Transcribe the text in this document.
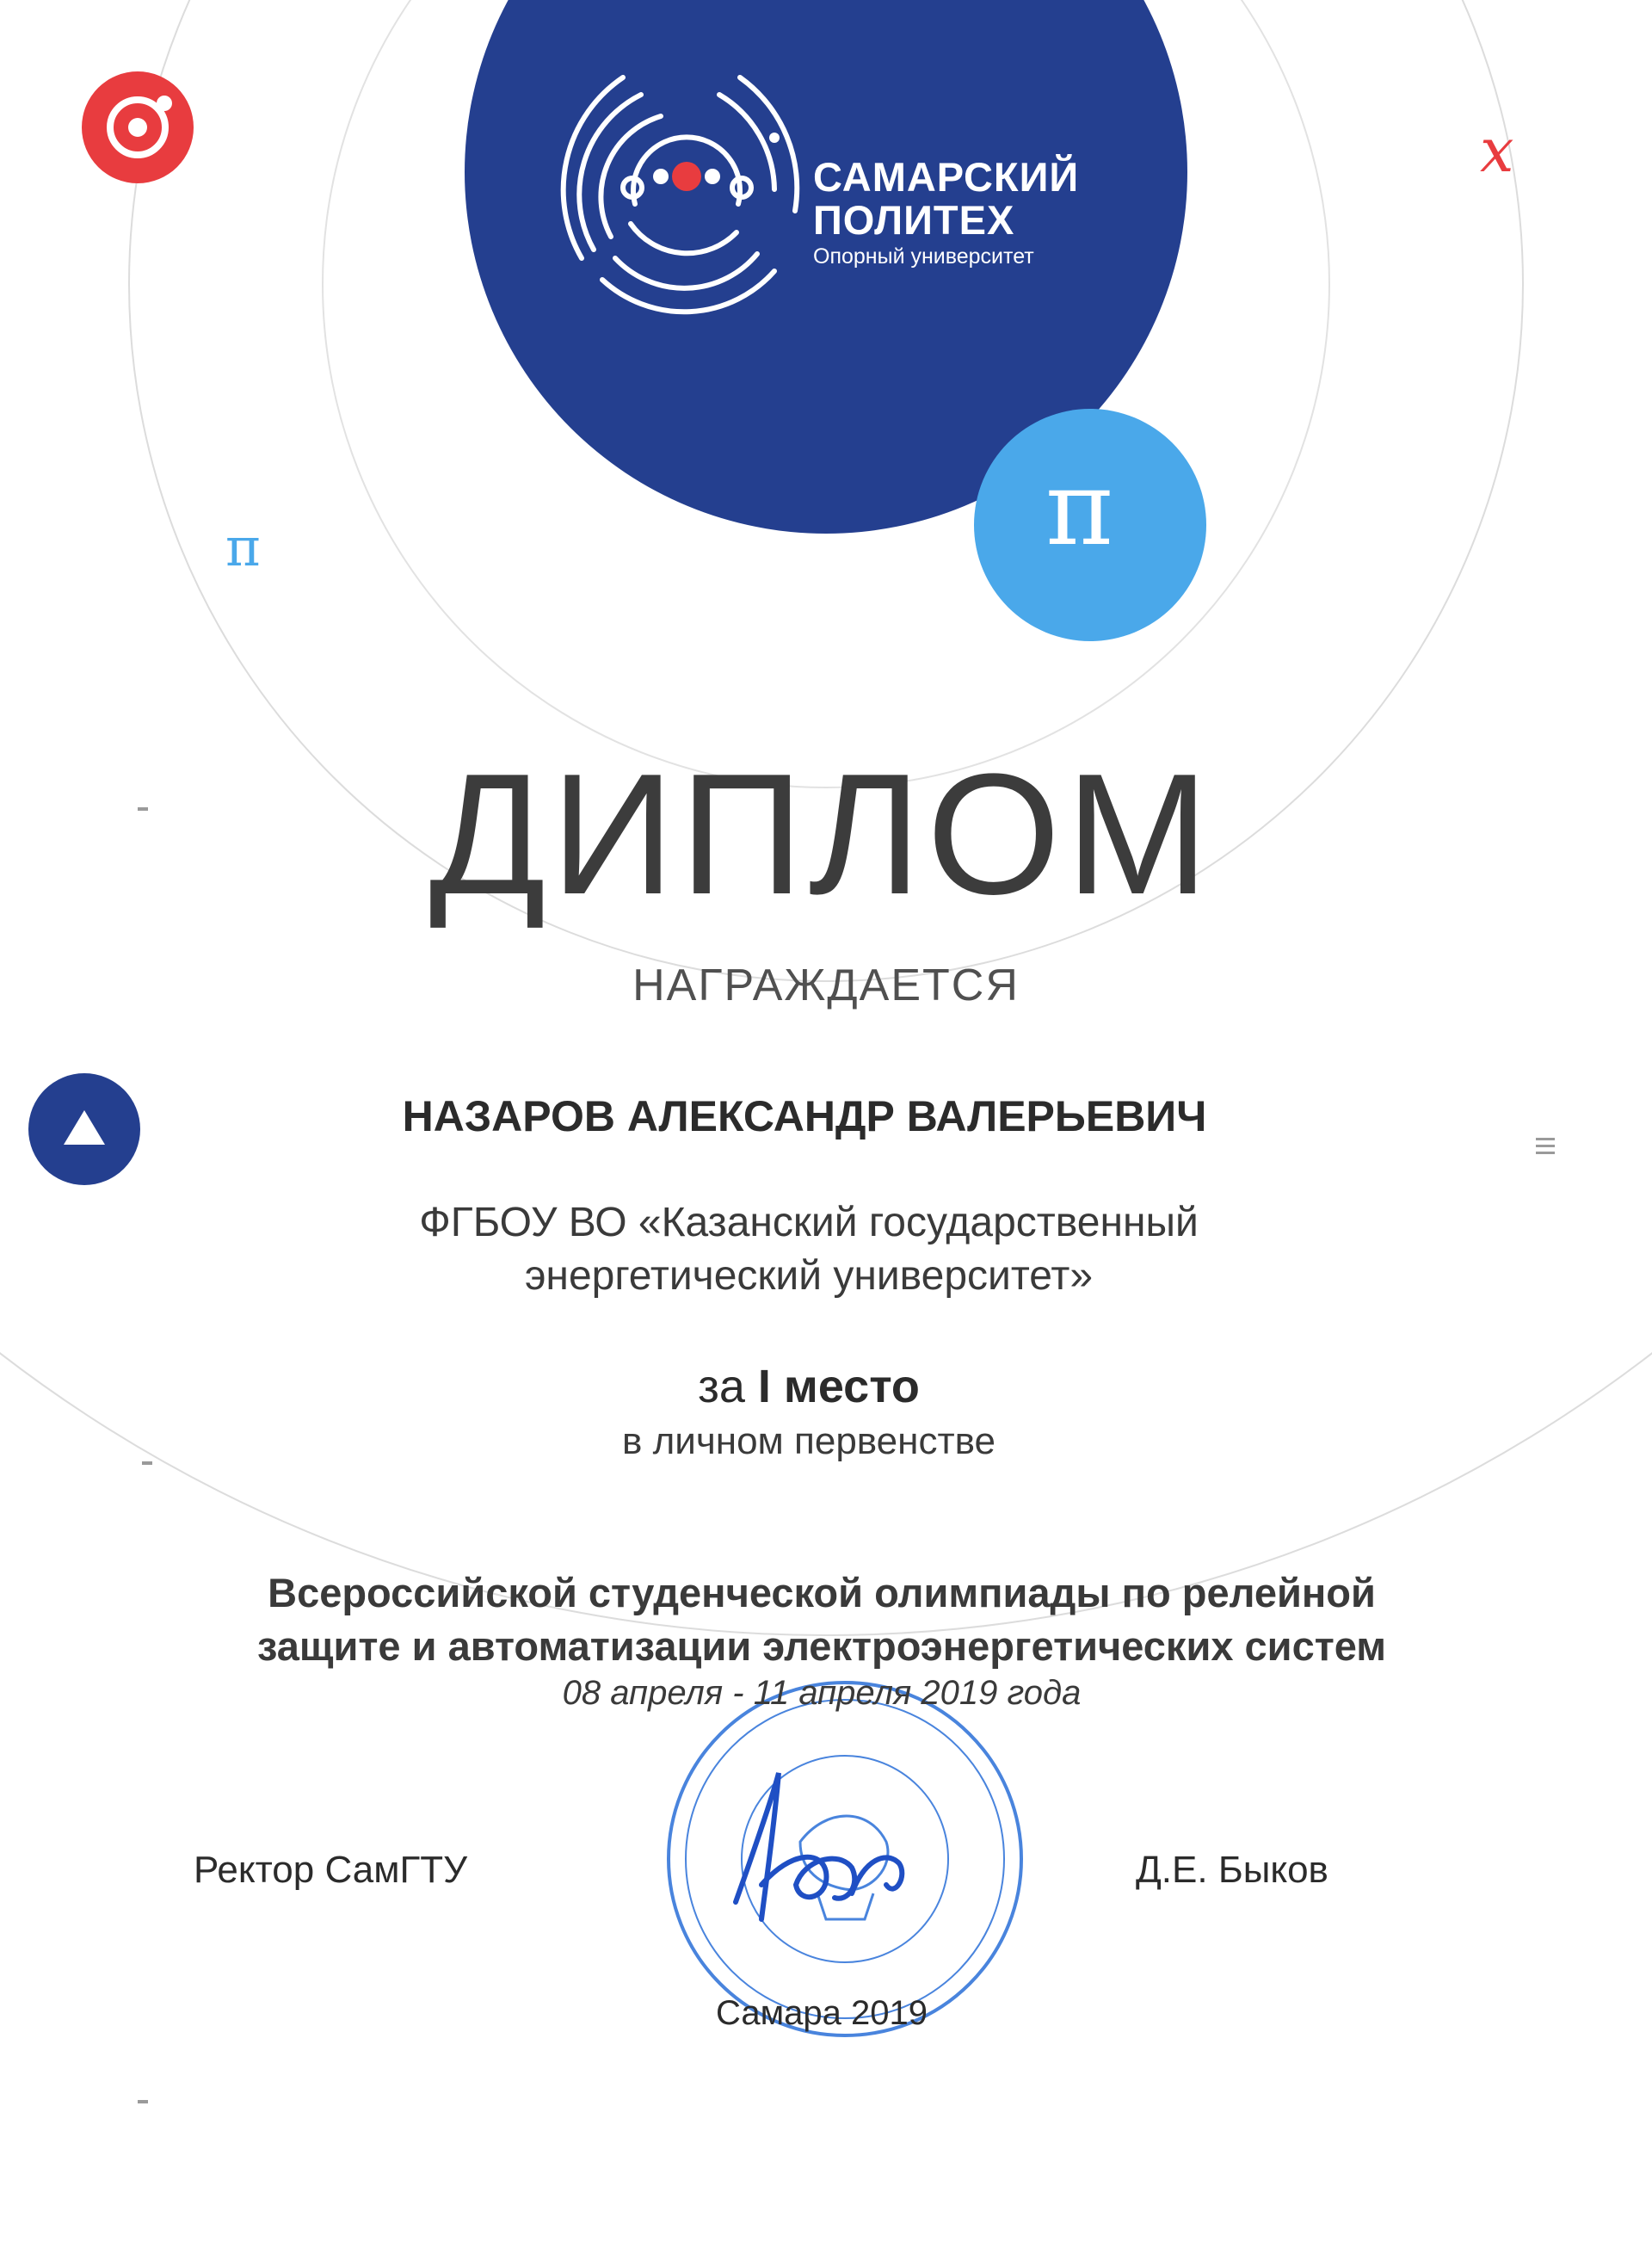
САМАРСКИЙ
ПОЛИТЕХ
Опорный университет
π
π
x
ДИПЛОМ
НАГРАЖДАЕТСЯ
НАЗАРОВ АЛЕКСАНДР ВАЛЕРЬЕВИЧ
ФГБОУ ВО «Казанский государственный
энергетический университет»
за I место
в личном первенстве
Всероссийской студенческой олимпиады по релейной
защите и автоматизации электроэнергетических систем
08 апреля - 11 апреля 2019 года
Ректор СамГТУ	Д.Е. Быков
Самара 2019
